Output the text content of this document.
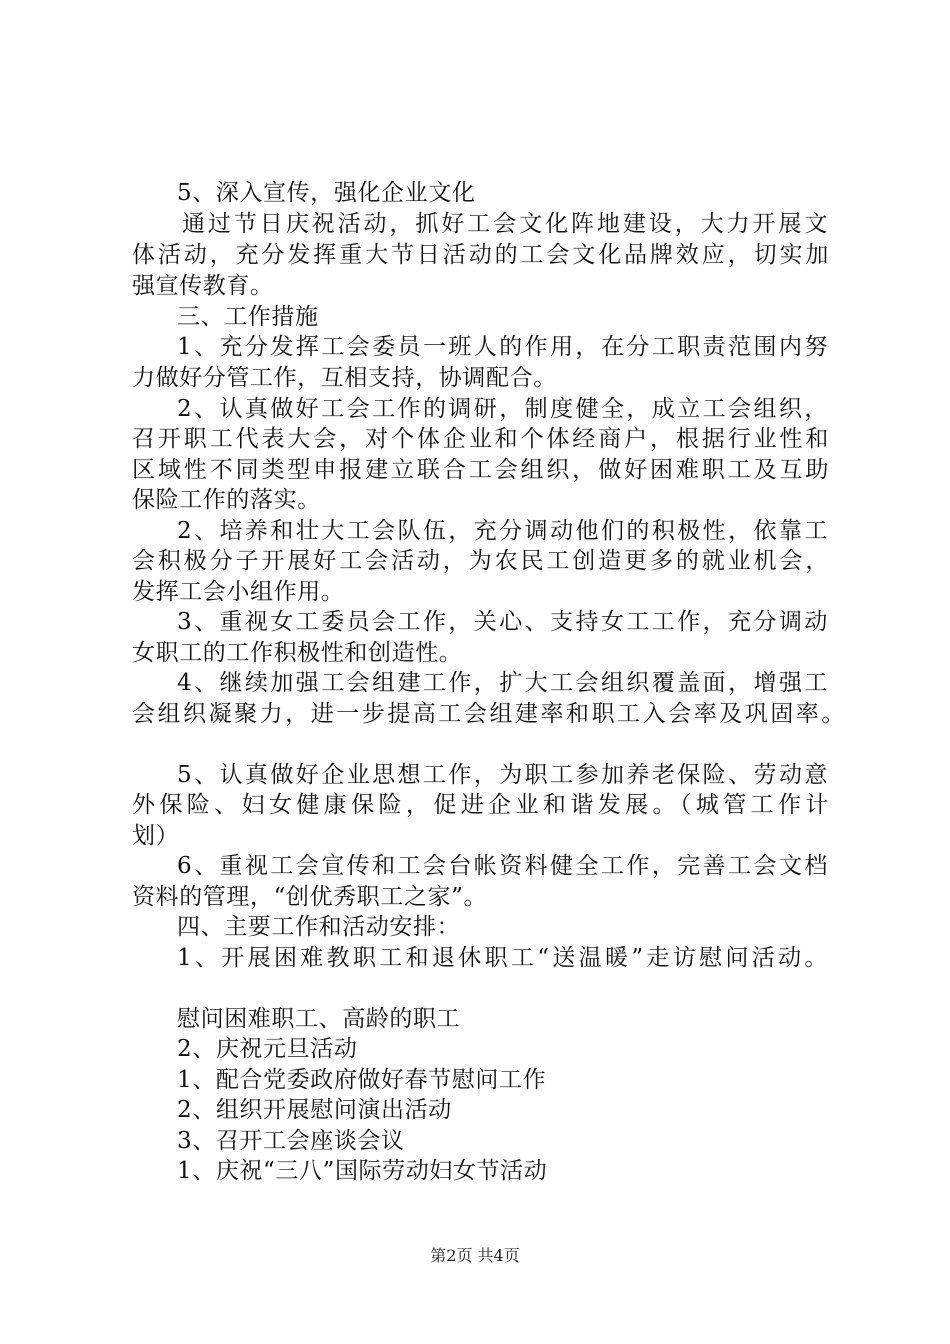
5、深入宣传，强化企业文化
通过节日庆祝活动，抓好工会文化阵地建设，大力开展文
体活动，充分发挥重大节日活动的工会文化品牌效应，切实加
强宣传教育。
三、工作措施
1、充分发挥工会委员一班人的作用，在分工职责范围内努
力做好分管工作，互相支持，协调配合。
2、认真做好工会工作的调研，制度健全，成立工会组织，
召开职工代表大会，对个体企业和个体经商户，根据行业性和
区域性不同类型申报建立联合工会组织，做好困难职工及互助
保险工作的落实。
2、培养和壮大工会队伍，充分调动他们的积极性，依靠工
会积极分子开展好工会活动，为农民工创造更多的就业机会，
发挥工会小组作用。
3、重视女工委员会工作，关心、支持女工工作，充分调动
女职工的工作积极性和创造性。
4、继续加强工会组建工作，扩大工会组织覆盖面，增强工
会组织凝聚力，进一步提高工会组建率和职工入会率及巩固率。
5、认真做好企业思想工作，为职工参加养老保险、劳动意
外保险、妇女健康保险，促进企业和谐发展。（城管工作计
划）
6、重视工会宣传和工会台帐资料健全工作，完善工会文档
资料的管理，“创优秀职工之家”。
四、主要工作和活动安排：
1、开展困难教职工和退休职工“送温暖”走访慰问活动。
慰问困难职工、高龄的职工
2、庆祝元旦活动
1、配合党委政府做好春节慰问工作
2、组织开展慰问演出活动
3、召开工会座谈会议
1、庆祝“三八”国际劳动妇女节活动
第2页 共4页
